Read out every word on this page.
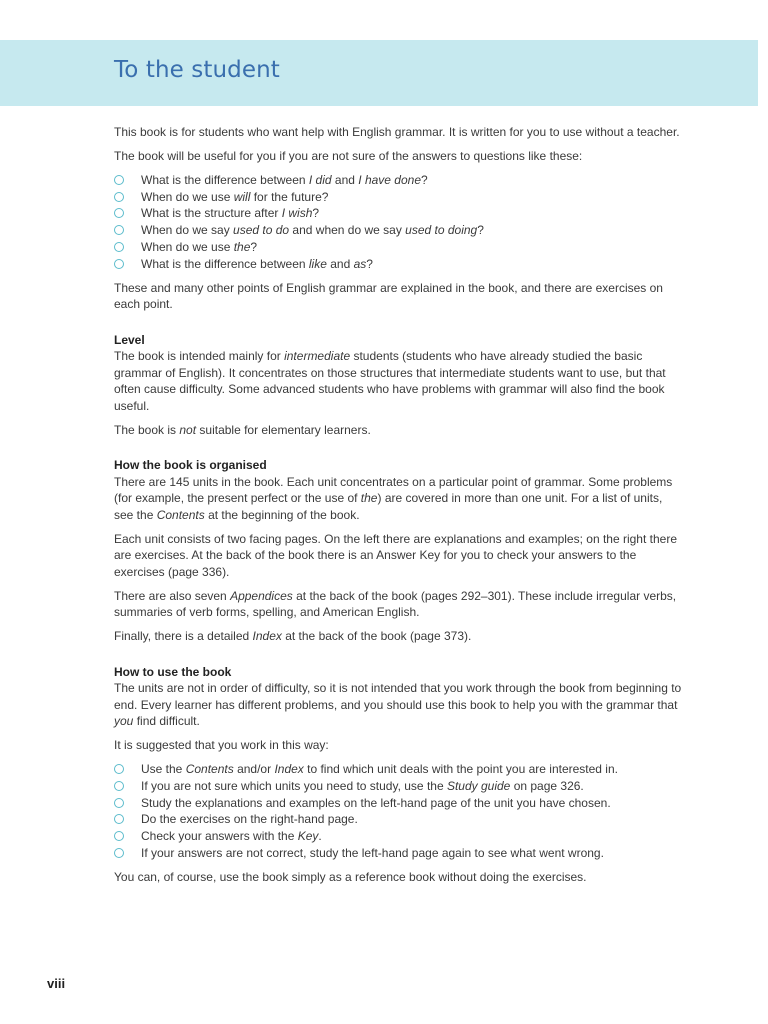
To the student

This book is for students who want help with English grammar. It is written for you to use without a teacher.

The book will be useful for you if you are not sure of the answers to questions like these:

What is the difference between I did and I have done?
When do we use will for the future?
What is the structure after I wish?
When do we say used to do and when do we say used to doing?
When do we use the?
What is the difference between like and as?

These and many other points of English grammar are explained in the book, and there are exercises on each point.

Level

The book is intended mainly for intermediate students (students who have already studied the basic grammar of English). It concentrates on those structures that intermediate students want to use, but that often cause difficulty. Some advanced students who have problems with grammar will also find the book useful.

The book is not suitable for elementary learners.

How the book is organised

There are 145 units in the book. Each unit concentrates on a particular point of grammar. Some problems (for example, the present perfect or the use of the) are covered in more than one unit. For a list of units, see the Contents at the beginning of the book.

Each unit consists of two facing pages. On the left there are explanations and examples; on the right there are exercises. At the back of the book there is an Answer Key for you to check your answers to the exercises (page 336).

There are also seven Appendices at the back of the book (pages 292–301). These include irregular verbs, summaries of verb forms, spelling, and American English.

Finally, there is a detailed Index at the back of the book (page 373).

How to use the book

The units are not in order of difficulty, so it is not intended that you work through the book from beginning to end. Every learner has different problems, and you should use this book to help you with the grammar that you find difficult.

It is suggested that you work in this way:

Use the Contents and/or Index to find which unit deals with the point you are interested in.
If you are not sure which units you need to study, use the Study guide on page 326.
Study the explanations and examples on the left-hand page of the unit you have chosen.
Do the exercises on the right-hand page.
Check your answers with the Key.
If your answers are not correct, study the left-hand page again to see what went wrong.

You can, of course, use the book simply as a reference book without doing the exercises.

viii
